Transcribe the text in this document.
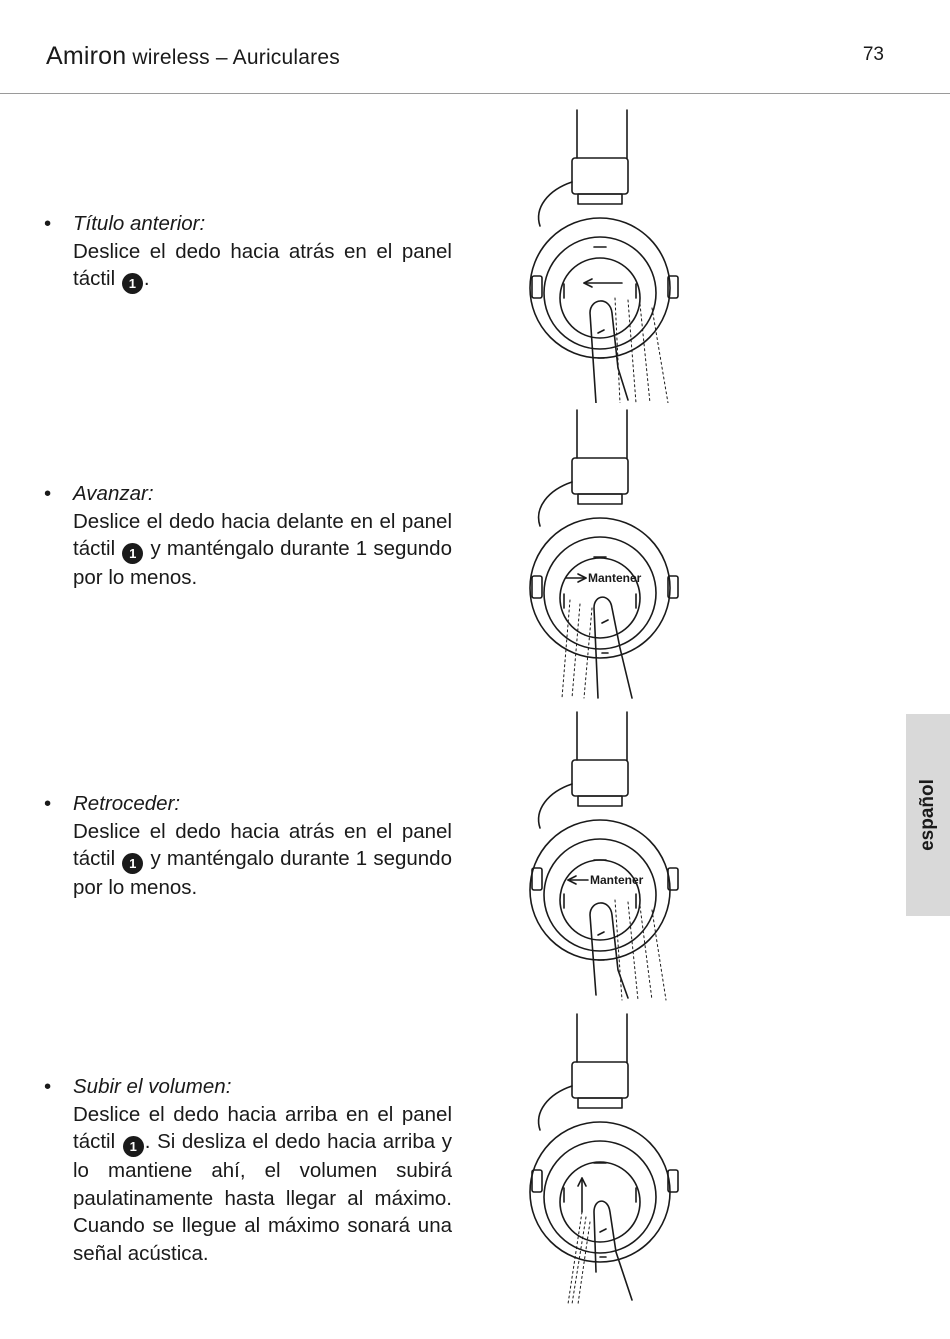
Amiron wireless – Auriculares	73
español
• Título anterior:
Deslice el dedo hacia atrás en el panel táctil 1 .
• Avanzar:
Deslice el dedo hacia delante en el panel táctil 1 y manténgalo durante 1 segundo por lo menos.
• Retroceder:
Deslice el dedo hacia atrás en el panel táctil 1 y manténgalo durante 1 segundo por lo menos.
• Subir el volumen:
Deslice el dedo hacia arriba en el panel táctil 1 . Si desliza el dedo hacia arriba y lo mantiene ahí, el volumen subirá paulatinamente hasta llegar al máximo. Cuando se llegue al máximo sonará una señal acústica.
Mantener
Mantener
